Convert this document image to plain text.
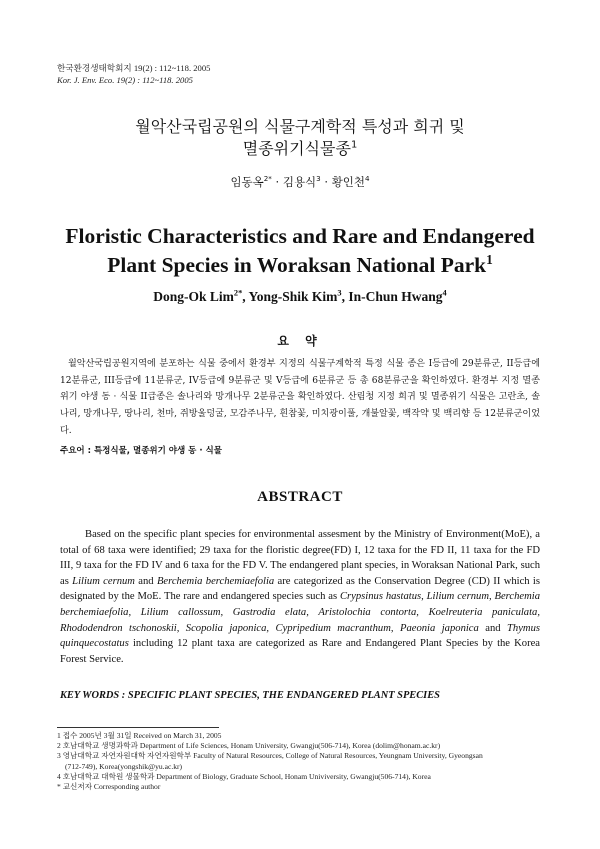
한국환경생태학회지 19(2) : 112~118. 2005
Kor. J. Env. Eco. 19(2) : 112~118. 2005
월악산국립공원의 식물구계학적 특성과 희귀 및
멸종위기식물종$^1$
임동옥$^{2*}$ · 김용식$^3$ · 황인천$^4$
Floristic Characteristics and Rare and Endangered
Plant Species in Woraksan National Park$^1$
Dong-Ok Lim$^{2*}$, Yong-Shik Kim$^3$, In-Chun Hwang$^4$
요 약

월악산국립공원지역에 분포하는 식물 중에서 환경부 지정의 식물구계학적 특정 식물 종은 I등급에 29분류군, II등급에 12분류군, III등급에 11분류군, IV등급에 9분류군 및 V등급에 6분류군 등 총 68분류군을 확인하였다. 환경부 지정 멸종위기 야생 동 · 식물 II급종은 솔나리와 망개나무 2분류군을 확인하였다. 산림청 지정 희귀 및 멸종위기 식물은 고란초, 솔나리, 망개나무, 땅나리, 천마, 쥐방울덩굴, 모감주나무, 흰참꽃, 미치광이풀, 개불알꽃, 백작약 및 백리향 등 12분류군이었다.

주요어 : 특정식물, 멸종위기 야생 동 · 식물
ABSTRACT

Based on the specific plant species for environmental assesment by the Ministry of Environment(MoE), a total of 68 taxa were identified; 29 taxa for the floristic degree(FD) I, 12 taxa for the FD II, 11 taxa for the FD III, 9 taxa for the FD IV and 6 taxa for the FD V. The endangered plant species, in Woraksan National Park, such as Lilium cernum and Berchemia berchemiaefolia are categorized as the Conservation Degree (CD) II which is designated by the MoE. The rare and endangered species such as Crypsinus hastatus, Lilium cernum, Berchemia berchemiaefolia, Lilium callossum, Gastrodia elata, Aristolochia contorta, Koelreuteria paniculata, Rhododendron tschonoskii, Scopolia japonica, Cypripedium macranthum, Paeonia japonica and Thymus quinquecostatus including 12 plant taxa are categorized as Rare and Endangered Plant Species by the Korea Forest Service.

KEY WORDS : SPECIFIC PLANT SPECIES, THE ENDANGERED PLANT SPECIES
1 접수 2005년 3월 31일 Received on March 31, 2005
2 호남대학교 생명과학과 Department of Life Sciences, Honam University, Gwangju(506-714), Korea (dolim@honam.ac.kr)
3 영남대학교 자연자원대학 자연자원학부 Faculty of Natural Resources, College of Natural Resources, Yeungnam University, Gyeongsan
(712-749), Korea(yongshik@yu.ac.kr)
4 호남대학교 대학원 생물학과 Department of Biology, Graduate School, Honam Univiversity, Gwangju(506-714), Korea
* 교신저자 Corresponding author
